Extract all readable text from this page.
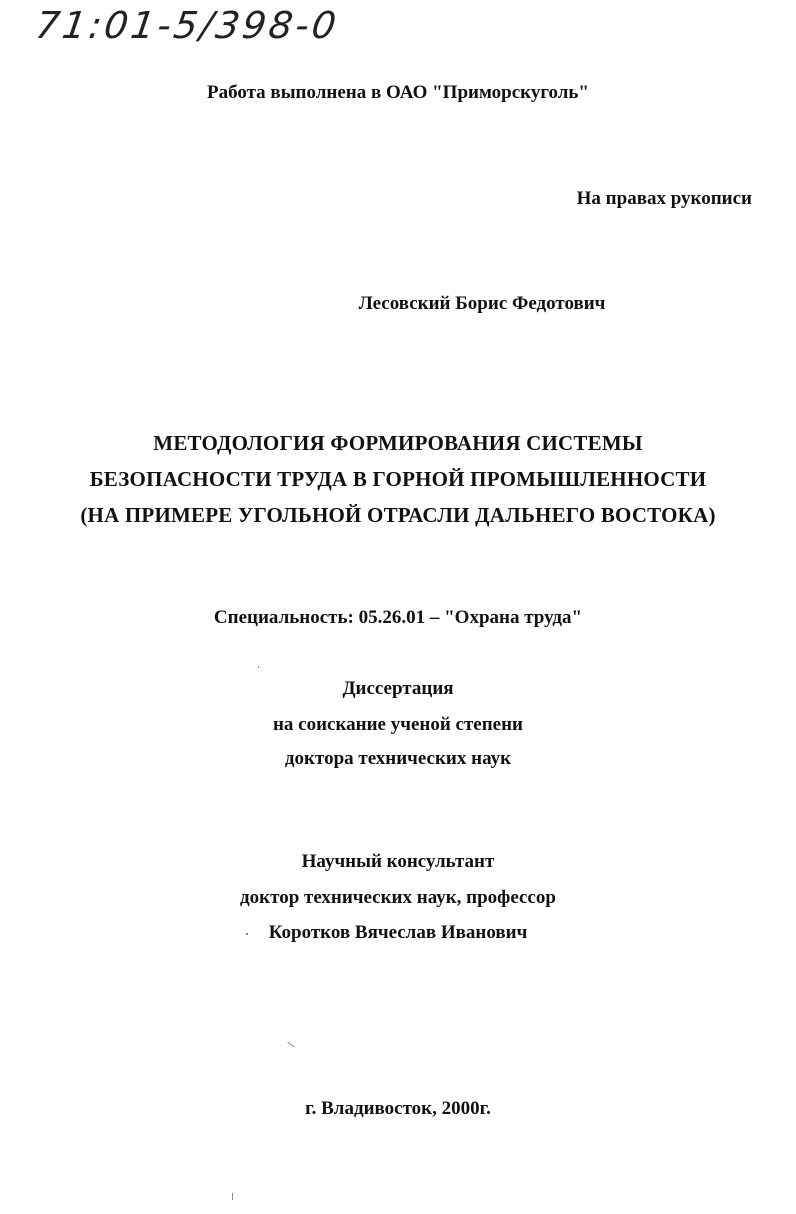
71:01-5/398-0
Работа выполнена в ОАО "Приморскуголь"
На правах рукописи
Лесовский Борис Федотович
МЕТОДОЛОГИЯ ФОРМИРОВАНИЯ СИСТЕМЫ
БЕЗОПАСНОСТИ ТРУДА В ГОРНОЙ ПРОМЫШЛЕННОСТИ
(НА ПРИМЕРЕ УГОЛЬНОЙ ОТРАСЛИ ДАЛЬНЕГО ВОСТОКА)
Специальность: 05.26.01 – "Охрана труда"
Диссертация
на соискание ученой степени
доктора технических наук
Научный консультант
доктор технических наук, профессор
Коротков Вячеслав Иванович
г. Владивосток, 2000г.
